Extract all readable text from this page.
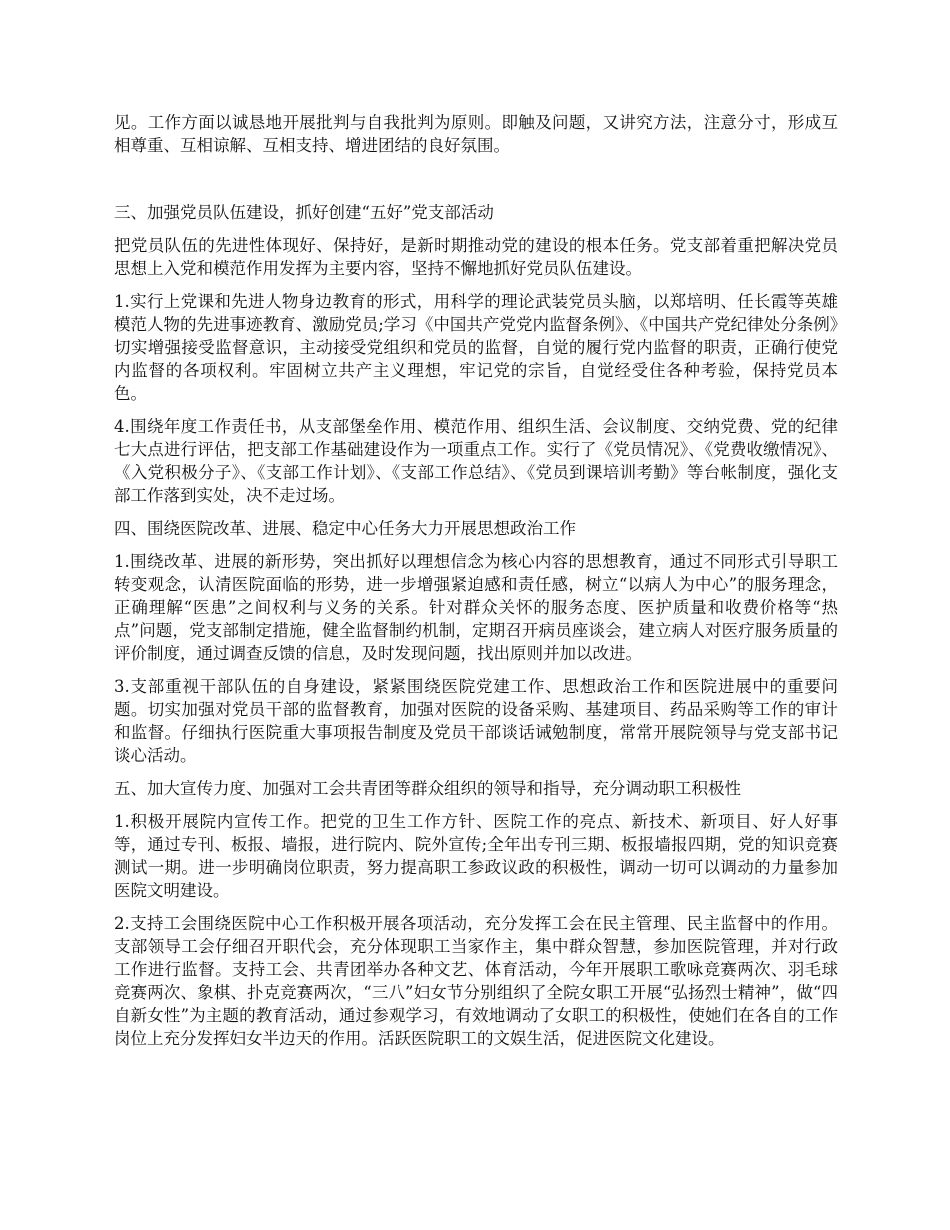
见。工作方面以诚恳地开展批判与自我批判为原则。即触及问题，又讲究方法，注意分寸，形成互相尊重、互相谅解、互相支持、增进团结的良好氛围。

三、加强党员队伍建设，抓好创建“五好”党支部活动

把党员队伍的先进性体现好、保持好，是新时期推动党的建设的根本任务。党支部着重把解决党员思想上入党和模范作用发挥为主要内容，坚持不懈地抓好党员队伍建设。

1.实行上党课和先进人物身边教育的形式，用科学的理论武装党员头脑，以郑培明、任长霞等英雄模范人物的先进事迹教育、激励党员;学习《中国共产党党内监督条例》、《中国共产党纪律处分条例》切实增强接受监督意识，主动接受党组织和党员的监督，自觉的履行党内监督的职责，正确行使党内监督的各项权利。牢固树立共产主义理想，牢记党的宗旨，自觉经受住各种考验，保持党员本色。

4.围绕年度工作责任书，从支部堡垒作用、模范作用、组织生活、会议制度、交纳党费、党的纪律七大点进行评估，把支部工作基础建设作为一项重点工作。实行了《党员情况》、《党费收缴情况》、《入党积极分子》、《支部工作计划》、《支部工作总结》、《党员到课培训考勤》等台帐制度，强化支部工作落到实处，决不走过场。

四、围绕医院改革、进展、稳定中心任务大力开展思想政治工作

1.围绕改革、进展的新形势，突出抓好以理想信念为核心内容的思想教育，通过不同形式引导职工转变观念，认清医院面临的形势，进一步增强紧迫感和责任感，树立“以病人为中心”的服务理念，正确理解“医患”之间权利与义务的关系。针对群众关怀的服务态度、医护质量和收费价格等“热点”问题，党支部制定措施，健全监督制约机制，定期召开病员座谈会，建立病人对医疗服务质量的评价制度，通过调查反馈的信息，及时发现问题，找出原则并加以改进。

3.支部重视干部队伍的自身建设，紧紧围绕医院党建工作、思想政治工作和医院进展中的重要问题。切实加强对党员干部的监督教育，加强对医院的设备采购、基建项目、药品采购等工作的审计和监督。仔细执行医院重大事项报告制度及党员干部谈话诫勉制度，常常开展院领导与党支部书记谈心活动。

五、加大宣传力度、加强对工会共青团等群众组织的领导和指导，充分调动职工积极性

1.积极开展院内宣传工作。把党的卫生工作方针、医院工作的亮点、新技术、新项目、好人好事等，通过专刊、板报、墙报，进行院内、院外宣传;全年出专刊三期、板报墙报四期，党的知识竞赛测试一期。进一步明确岗位职责，努力提高职工参政议政的积极性，调动一切可以调动的力量参加医院文明建设。

2.支持工会围绕医院中心工作积极开展各项活动，充分发挥工会在民主管理、民主监督中的作用。支部领导工会仔细召开职代会，充分体现职工当家作主，集中群众智慧，参加医院管理，并对行政工作进行监督。支持工会、共青团举办各种文艺、体育活动，今年开展职工歌咏竞赛两次、羽毛球竞赛两次、象棋、扑克竞赛两次，“三八”妇女节分别组织了全院女职工开展“弘扬烈士精神”，做“四自新女性”为主题的教育活动，通过参观学习，有效地调动了女职工的积极性，使她们在各自的工作岗位上充分发挥妇女半边天的作用。活跃医院职工的文娱生活，促进医院文化建设。
